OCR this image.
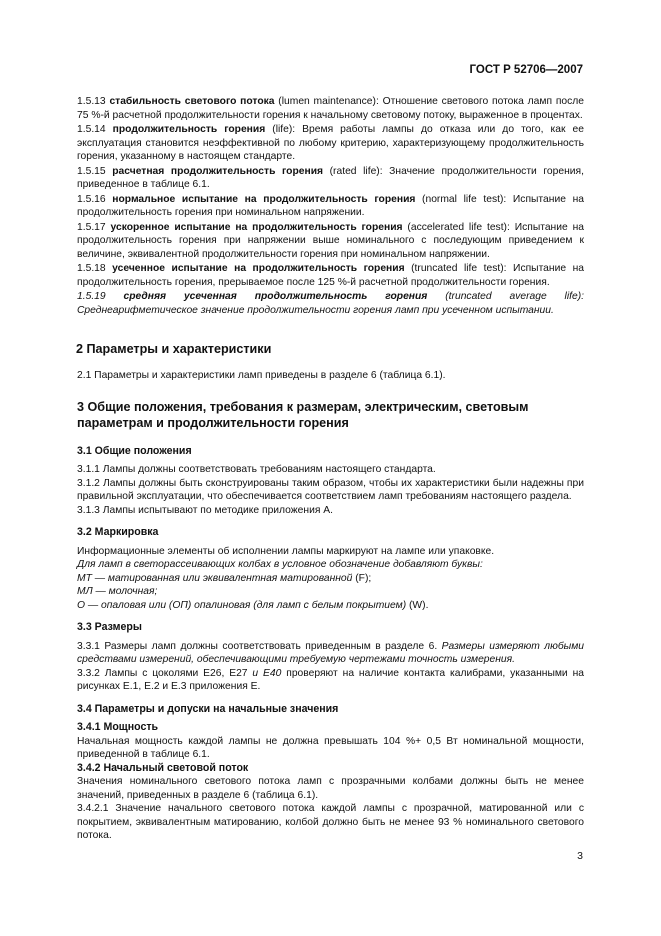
ГОСТ Р 52706—2007

1.5.13 стабильность светового потока (lumen maintenance): Отношение светового потока ламп после 75 %-й расчетной продолжительности горения к начальному световому потоку, выраженное в процентах.

1.5.14 продолжительность горения (life): Время работы лампы до отказа или до того, как ее эксплуатация становится неэффективной по любому критерию, характеризующему продолжительность горения, указанному в настоящем стандарте.

1.5.15 расчетная продолжительность горения (rated life): Значение продолжительности горения, приведенное в таблице 6.1.

1.5.16 нормальное испытание на продолжительность горения (normal life test): Испытание на продолжительность горения при номинальном напряжении.

1.5.17 ускоренное испытание на продолжительность горения (accelerated life test): Испытание на продолжительность горения при напряжении выше номинального с последующим приведением к величине, эквивалентной продолжительности горения при номинальном напряжении.

1.5.18 усеченное испытание на продолжительность горения (truncated life test): Испытание на продолжительность горения, прерываемое после 125 %-й расчетной продолжительности горения.

1.5.19 средняя усеченная продолжительность горения (truncated average life): Среднеарифметическое значение продолжительности горения ламп при усеченном испытании.

2 Параметры и характеристики

2.1 Параметры и характеристики ламп приведены в разделе 6 (таблица 6.1).

3 Общие положения, требования к размерам, электрическим, световым параметрам и продолжительности горения
3.1 Общие положения

3.1.1 Лампы должны соответствовать требованиям настоящего стандарта.

3.1.2 Лампы должны быть сконструированы таким образом, чтобы их характеристики были надежны при правильной эксплуатации, что обеспечивается соответствием ламп требованиям настоящего раздела.

3.1.3 Лампы испытывают по методике приложения А.

3.2 Маркировка

Информационные элементы об исполнении лампы маркируют на лампе или упаковке.

Для ламп в светорассеивающих колбах в условное обозначение добавляют буквы:

МТ — матированная или эквивалентная матированной (F);

МЛ — молочная;

О — опаловая или (ОП) опалиновая (для ламп с белым покрытием) (W).

3.3 Размеры

3.3.1 Размеры ламп должны соответствовать приведенным в разделе 6. Размеры измеряют любыми средствами измерений, обеспечивающими требуемую чертежами точность измерения.

3.3.2 Лампы с цоколями Е26, Е27 и Е40 проверяют на наличие контакта калибрами, указанными на рисунках Е.1, Е.2 и Е.3 приложения Е.

3.4 Параметры и допуски на начальные значения
3.4.1 Мощность

Начальная мощность каждой лампы не должна превышать 104 %+ 0,5 Вт номинальной мощности, приведенной в таблице 6.1.

3.4.2 Начальный световой поток

Значения номинального светового потока ламп с прозрачными колбами должны быть не менее значений, приведенных в разделе 6 (таблица 6.1).

3.4.2.1 Значение начального светового потока каждой лампы с прозрачной, матированной или с покрытием, эквивалентным матированию, колбой должно быть не менее 93 % номинального светового потока.

3
